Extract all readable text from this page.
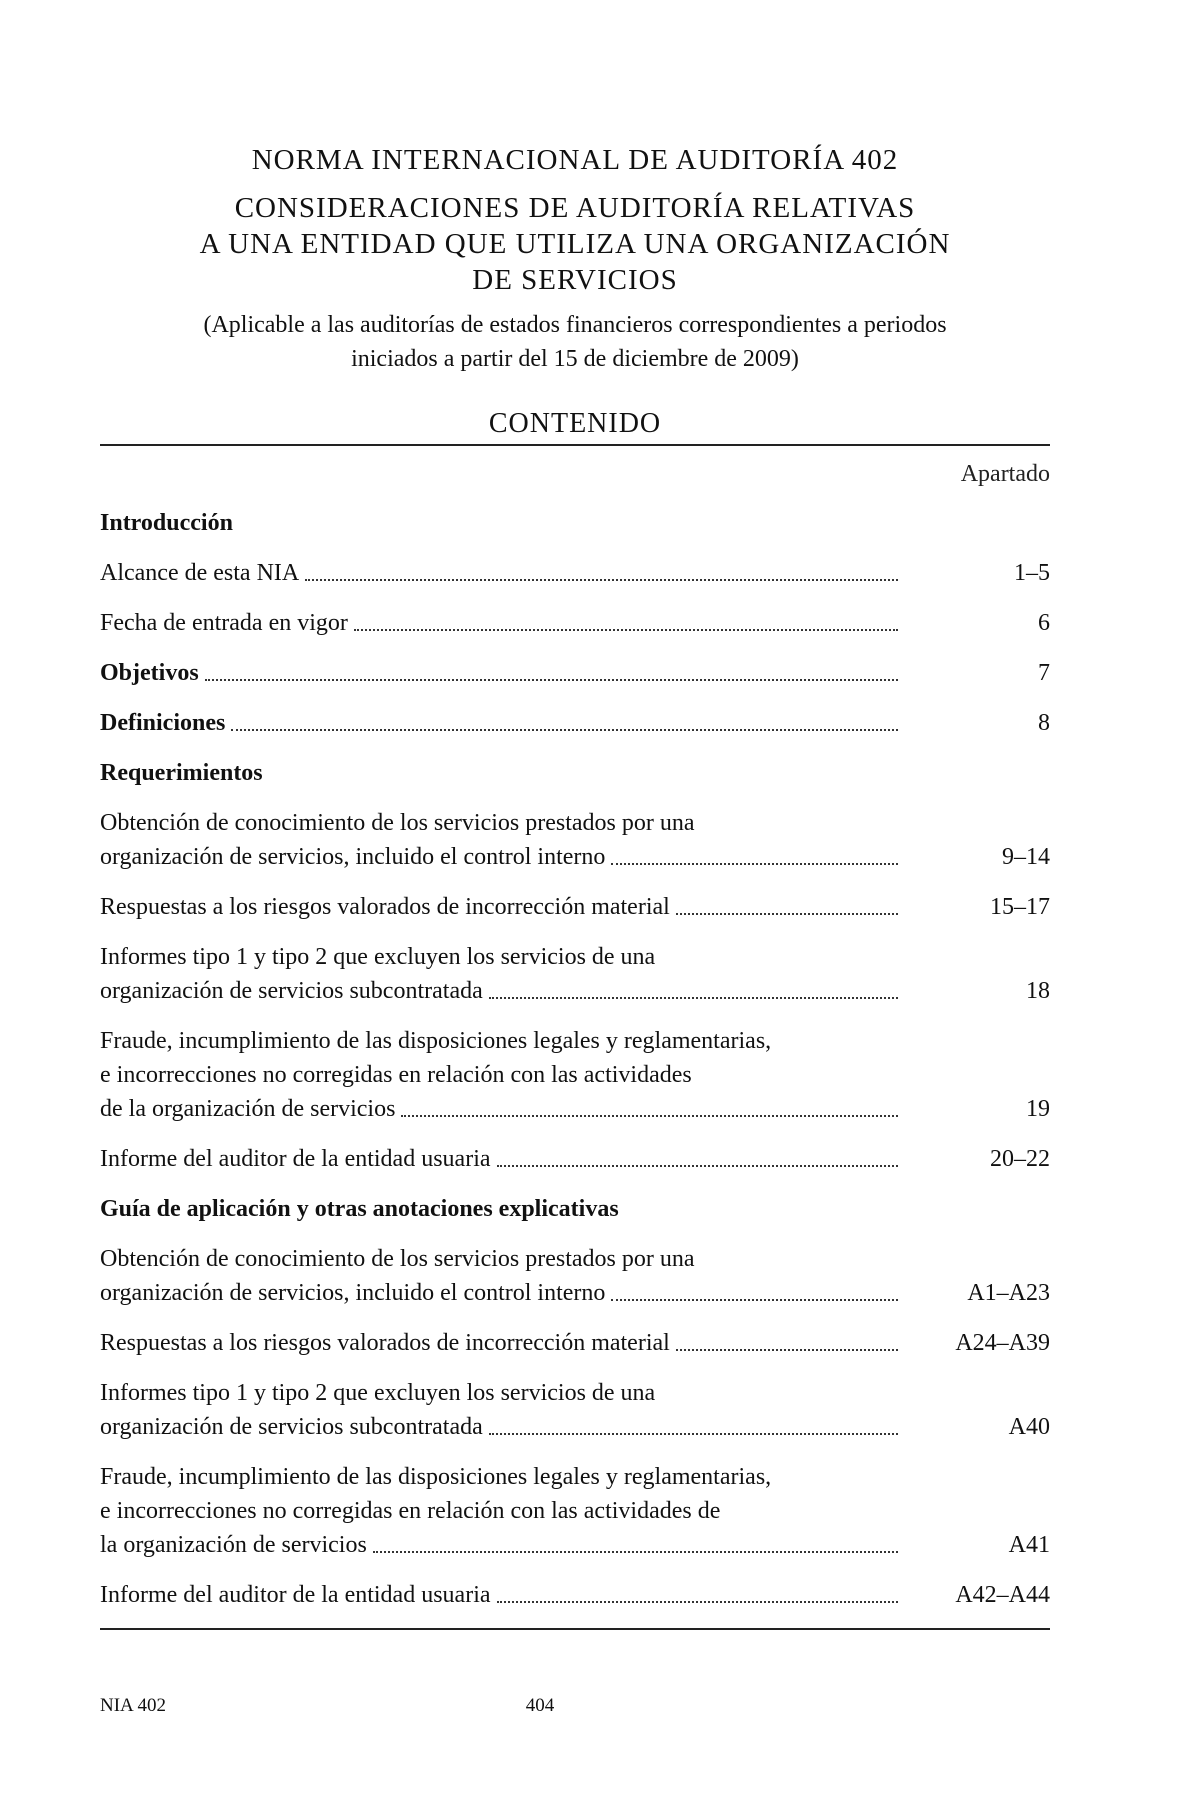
NORMA INTERNACIONAL DE AUDITORÍA 402
CONSIDERACIONES DE AUDITORÍA RELATIVAS
A UNA ENTIDAD QUE UTILIZA UNA ORGANIZACIÓN
DE SERVICIOS

(Aplicable a las auditorías de estados financieros correspondientes a periodos
iniciados a partir del 15 de diciembre de 2009)

CONTENIDO
Apartado
Introducción
Alcance de esta NIA	1–5
Fecha de entrada en vigor	6
Objetivos	7
Definiciones	8
Requerimientos
Obtención de conocimiento de los servicios prestados por una
organización de servicios, incluido el control interno	9–14
Respuestas a los riesgos valorados de incorrección material	15–17
Informes tipo 1 y tipo 2 que excluyen los servicios de una
organización de servicios subcontratada	18
Fraude, incumplimiento de las disposiciones legales y reglamentarias,
e incorrecciones no corregidas en relación con las actividades
de la organización de servicios	19
Informe del auditor de la entidad usuaria	20–22
Guía de aplicación y otras anotaciones explicativas
Obtención de conocimiento de los servicios prestados por una
organización de servicios, incluido el control interno	A1–A23
Respuestas a los riesgos valorados de incorrección material	A24–A39
Informes tipo 1 y tipo 2 que excluyen los servicios de una
organización de servicios subcontratada	A40
Fraude, incumplimiento de las disposiciones legales y reglamentarias,
e incorrecciones no corregidas en relación con las actividades de
la organización de servicios	A41
Informe del auditor de la entidad usuaria	A42–A44
NIA 402	404
